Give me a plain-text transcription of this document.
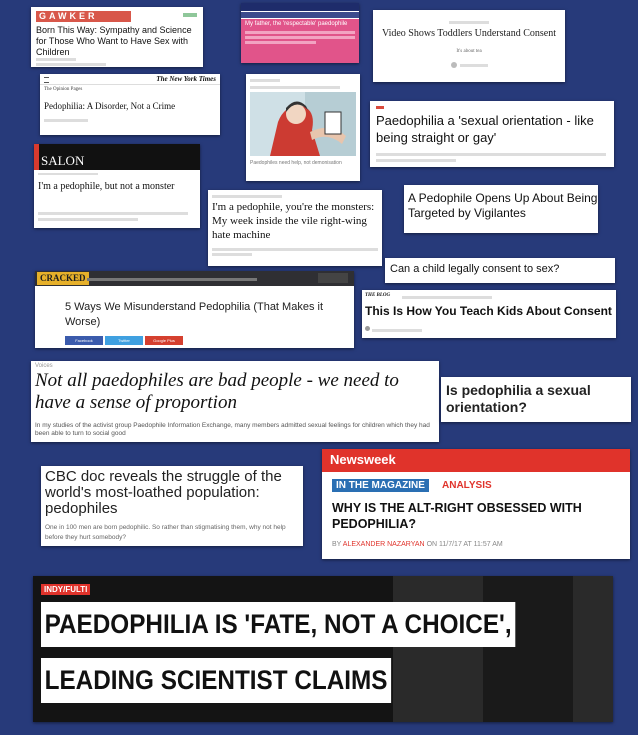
GAWKER
Born This Way: Sympathy and Science for Those Who Want to Have Sex with Children
My father, the 'respectable' paedophile
Video Shows Toddlers Understand Consent
It's about tea
The New York Times
The Opinion Pages
Pedophilia: A Disorder, Not a Crime
Paedophiles need help, not demonisation
Paedophilia a 'sexual orientation - like being straight or gay'
SALON
I'm a pedophile, but not a monster
I'm a pedophile, you're the monsters: My week inside the vile right-wing hate machine
A Pedophile Opens Up About Being Targeted by Vigilantes
Can a child legally consent to sex?
CRACKED
5 Ways We Misunderstand Pedophilia (That Makes it Worse)
Facebook	Twitter	Google Plus
THE BLOG
This Is How You Teach Kids About Consent
Voices
Not all paedophiles are bad people - we need to have a sense of proportion
In my studies of the activist group Paedophile Information Exchange, many members admitted sexual feelings for children which they had been able to turn to social good
Is pedophilia a sexual orientation?
CBC doc reveals the struggle of the world's most-loathed population: pedophiles
One in 100 men are born pedophilic. So rather than stigmatising them, why not help before they hurt somebody?
Newsweek
IN THE MAGAZINE	ANALYSIS
WHY IS THE ALT-RIGHT OBSESSED WITH PEDOPHILIA?
BY ALEXANDER NAZARYAN ON 11/7/17 AT 11:57 AM
INDY/FULTI
PAEDOPHILIA IS 'FATE, NOT A CHOICE',
LEADING SCIENTIST CLAIMS
